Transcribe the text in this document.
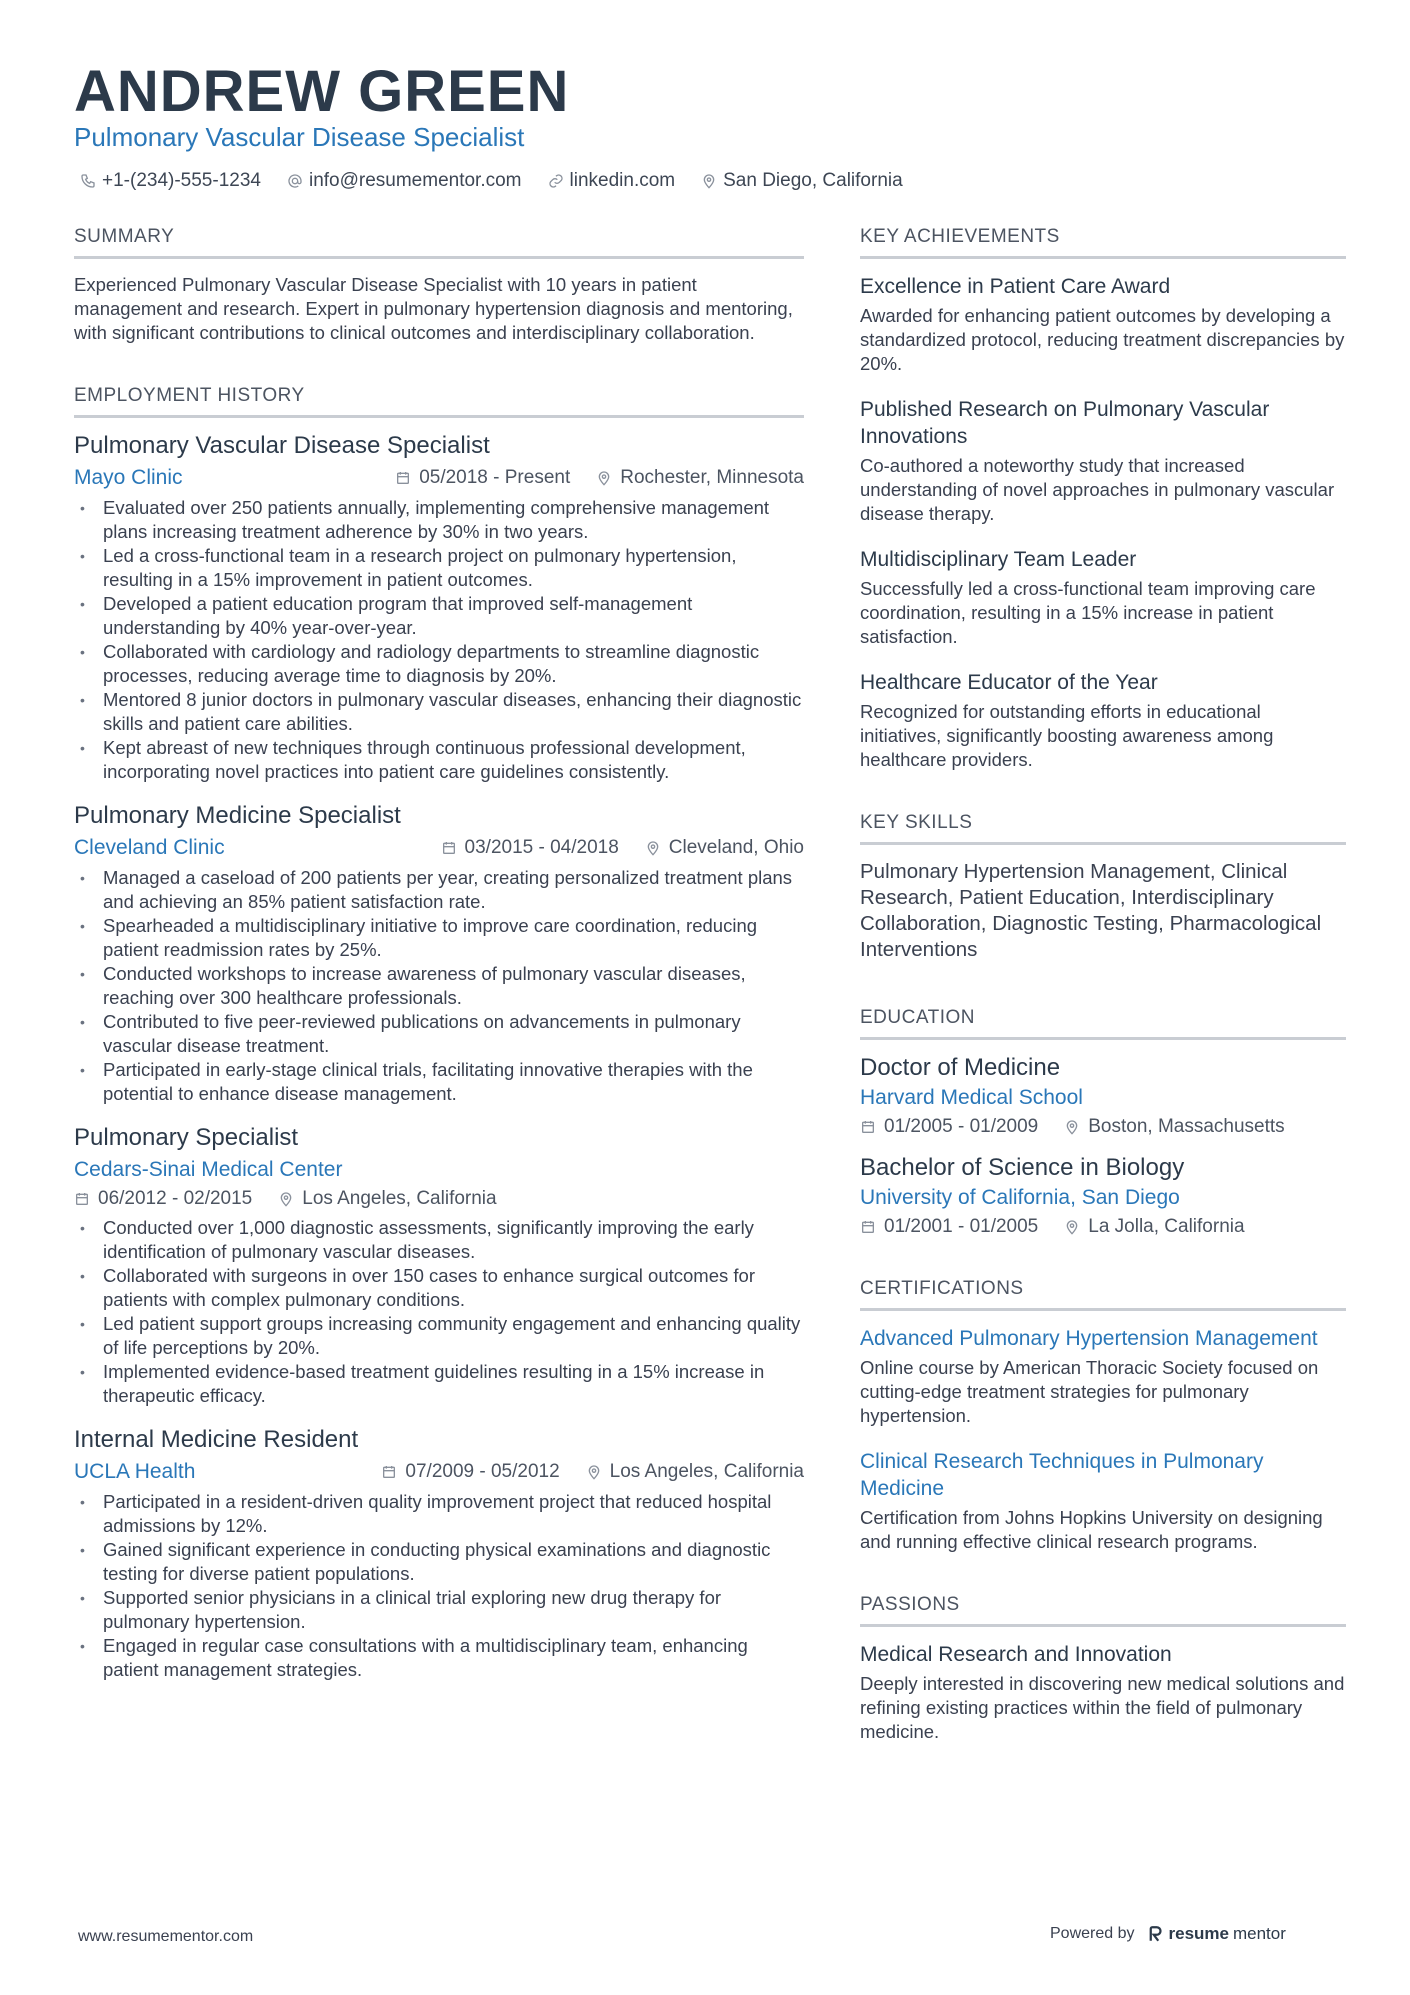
ANDREW GREEN
Pulmonary Vascular Disease Specialist
+1-(234)-555-1234	info@resumementor.com	linkedin.com	San Diego, California
SUMMARY
Experienced Pulmonary Vascular Disease Specialist with 10 years in patient management and research. Expert in pulmonary hypertension diagnosis and mentoring, with significant contributions to clinical outcomes and interdisciplinary collaboration.
EMPLOYMENT HISTORY
Pulmonary Vascular Disease Specialist
Mayo Clinic	05/2018 - Present	Rochester, Minnesota
• Evaluated over 250 patients annually, implementing comprehensive management plans increasing treatment adherence by 30% in two years.
• Led a cross-functional team in a research project on pulmonary hypertension, resulting in a 15% improvement in patient outcomes.
• Developed a patient education program that improved self-management understanding by 40% year-over-year.
• Collaborated with cardiology and radiology departments to streamline diagnostic processes, reducing average time to diagnosis by 20%.
• Mentored 8 junior doctors in pulmonary vascular diseases, enhancing their diagnostic skills and patient care abilities.
• Kept abreast of new techniques through continuous professional development, incorporating novel practices into patient care guidelines consistently.
Pulmonary Medicine Specialist
Cleveland Clinic	03/2015 - 04/2018	Cleveland, Ohio
• Managed a caseload of 200 patients per year, creating personalized treatment plans and achieving an 85% patient satisfaction rate.
• Spearheaded a multidisciplinary initiative to improve care coordination, reducing patient readmission rates by 25%.
• Conducted workshops to increase awareness of pulmonary vascular diseases, reaching over 300 healthcare professionals.
• Contributed to five peer-reviewed publications on advancements in pulmonary vascular disease treatment.
• Participated in early-stage clinical trials, facilitating innovative therapies with the potential to enhance disease management.
Pulmonary Specialist
Cedars-Sinai Medical Center
06/2012 - 02/2015	Los Angeles, California
• Conducted over 1,000 diagnostic assessments, significantly improving the early identification of pulmonary vascular diseases.
• Collaborated with surgeons in over 150 cases to enhance surgical outcomes for patients with complex pulmonary conditions.
• Led patient support groups increasing community engagement and enhancing quality of life perceptions by 20%.
• Implemented evidence-based treatment guidelines resulting in a 15% increase in therapeutic efficacy.
Internal Medicine Resident
UCLA Health	07/2009 - 05/2012	Los Angeles, California
• Participated in a resident-driven quality improvement project that reduced hospital admissions by 12%.
• Gained significant experience in conducting physical examinations and diagnostic testing for diverse patient populations.
• Supported senior physicians in a clinical trial exploring new drug therapy for pulmonary hypertension.
• Engaged in regular case consultations with a multidisciplinary team, enhancing patient management strategies.
KEY ACHIEVEMENTS
Excellence in Patient Care Award
Awarded for enhancing patient outcomes by developing a standardized protocol, reducing treatment discrepancies by 20%.
Published Research on Pulmonary Vascular Innovations
Co-authored a noteworthy study that increased understanding of novel approaches in pulmonary vascular disease therapy.
Multidisciplinary Team Leader
Successfully led a cross-functional team improving care coordination, resulting in a 15% increase in patient satisfaction.
Healthcare Educator of the Year
Recognized for outstanding efforts in educational initiatives, significantly boosting awareness among healthcare providers.
KEY SKILLS
Pulmonary Hypertension Management, Clinical Research, Patient Education, Interdisciplinary Collaboration, Diagnostic Testing, Pharmacological Interventions
EDUCATION
Doctor of Medicine
Harvard Medical School
01/2005 - 01/2009	Boston, Massachusetts
Bachelor of Science in Biology
University of California, San Diego
01/2001 - 01/2005	La Jolla, California
CERTIFICATIONS
Advanced Pulmonary Hypertension Management
Online course by American Thoracic Society focused on cutting-edge treatment strategies for pulmonary hypertension.
Clinical Research Techniques in Pulmonary Medicine
Certification from Johns Hopkins University on designing and running effective clinical research programs.
PASSIONS
Medical Research and Innovation
Deeply interested in discovering new medical solutions and refining existing practices within the field of pulmonary medicine.
www.resumementor.com	Powered by resume mentor
